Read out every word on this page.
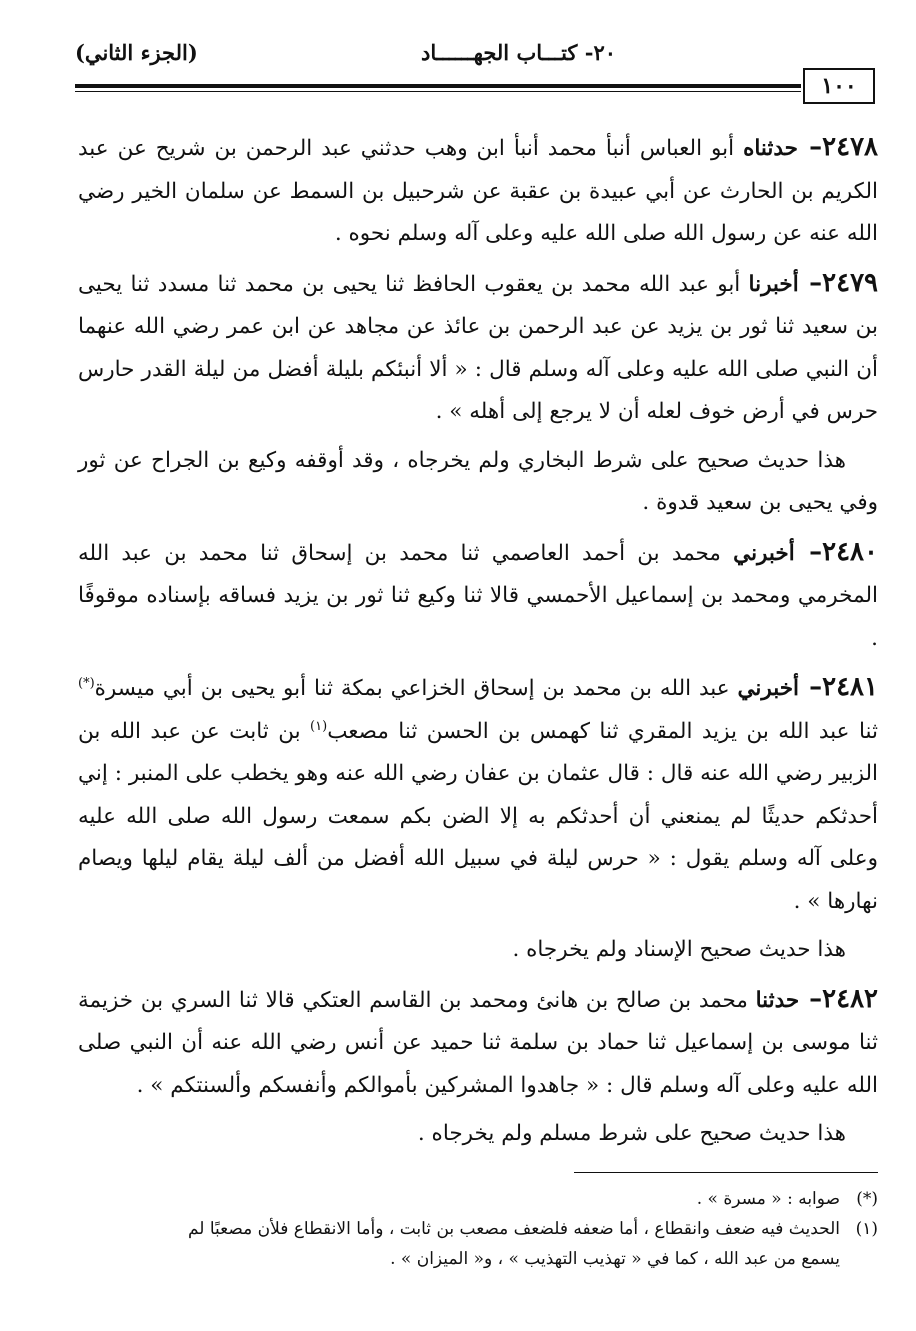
٢٠- كتـــاب الجهــــــاد
(الجزء الثاني)
١٠٠

٢٤٧٨– حدثناه أبو العباس أنبأ محمد أنبأ ابن وهب حدثني عبد الرحمن بن شريح عن عبد الكريم بن الحارث عن أبي عبيدة بن عقبة عن شرحبيل بن السمط عن سلمان الخير رضي الله عنه عن رسول الله صلى الله عليه وعلى آله وسلم نحوه .

٢٤٧٩– أخبرنا أبو عبد الله محمد بن يعقوب الحافظ ثنا يحيى بن محمد ثنا مسدد ثنا يحيى بن سعيد ثنا ثور بن يزيد عن عبد الرحمن بن عائذ عن مجاهد عن ابن عمر رضي الله عنهما أن النبي صلى الله عليه وعلى آله وسلم قال : « ألا أنبئكم بليلة أفضل من ليلة القدر حارس حرس في أرض خوف لعله أن لا يرجع إلى أهله » .

هذا حديث صحيح على شرط البخاري ولم يخرجاه ، وقد أوقفه وكيع بن الجراح عن ثور وفي يحيى بن سعيد قدوة .

٢٤٨٠– أخبرني محمد بن أحمد العاصمي ثنا محمد بن إسحاق ثنا محمد بن عبد الله المخرمي ومحمد بن إسماعيل الأحمسي قالا ثنا وكيع ثنا ثور بن يزيد فساقه بإسناده موقوفًا .

٢٤٨١– أخبرني عبد الله بن محمد بن إسحاق الخزاعي بمكة ثنا أبو يحيى بن أبي ميسرة(*) ثنا عبد الله بن يزيد المقري ثنا كهمس بن الحسن ثنا مصعب$^{(١)}$ بن ثابت عن عبد الله بن الزبير رضي الله عنه قال : قال عثمان بن عفان رضي الله عنه وهو يخطب على المنبر : إني أحدثكم حديثًا لم يمنعني أن أحدثكم به إلا الضن بكم سمعت رسول الله صلى الله عليه وعلى آله وسلم يقول : « حرس ليلة في سبيل الله أفضل من ألف ليلة يقام ليلها ويصام نهارها » .

هذا حديث صحيح الإسناد ولم يخرجاه .

٢٤٨٢– حدثنا محمد بن صالح بن هانئ ومحمد بن القاسم العتكي قالا ثنا السري بن خزيمة ثنا موسى بن إسماعيل ثنا حماد بن سلمة ثنا حميد عن أنس رضي الله عنه أن النبي صلى الله عليه وعلى آله وسلم قال : « جاهدوا المشركين بأموالكم وأنفسكم وألسنتكم » .

هذا حديث صحيح على شرط مسلم ولم يخرجاه .

(*)صوابه : « مسرة » .

(١)الحديث فيه ضعف وانقطاع ، أما ضعفه فلضعف مصعب بن ثابت ، وأما الانقطاع فلأن مصعبًا لم

يسمع من عبد الله ، كما في « تهذيب التهذيب » ، و« الميزان » .
